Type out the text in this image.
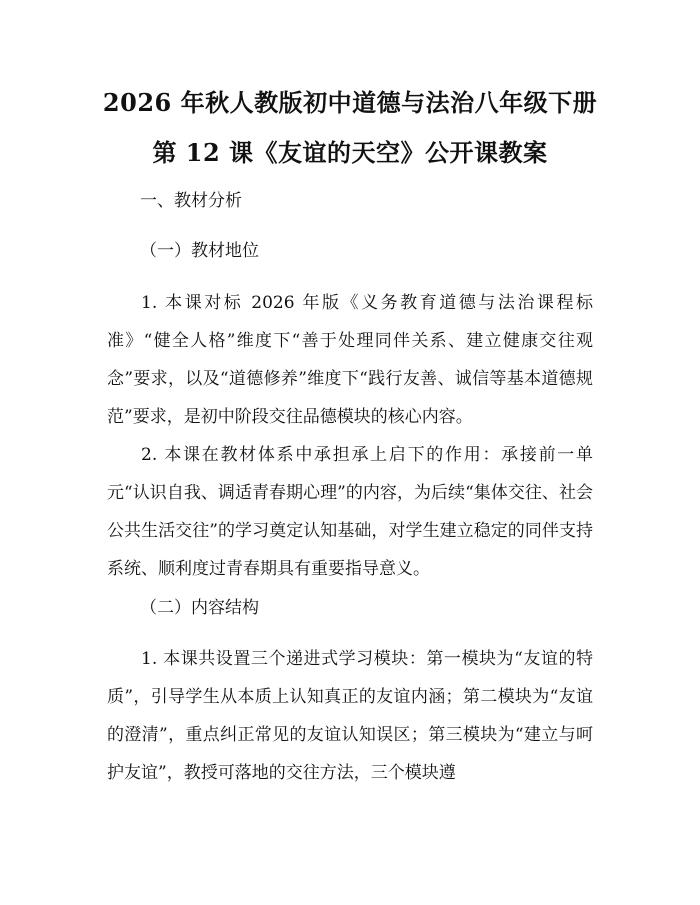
2026 年秋人教版初中道德与法治八年级下册
第 12 课《友谊的天空》公开课教案
一、教材分析
（一）教材地位
1. 本课对标 2026 年版《义务教育道德与法治课程标准》“健全人格”维度下“善于处理同伴关系、建立健康交往观念”要求，以及“道德修养”维度下“践行友善、诚信等基本道德规范”要求，是初中阶段交往品德模块的核心内容。
2. 本课在教材体系中承担承上启下的作用：承接前一单元“认识自我、调适青春期心理”的内容，为后续“集体交往、社会公共生活交往”的学习奠定认知基础，对学生建立稳定的同伴支持系统、顺利度过青春期具有重要指导意义。
（二）内容结构
1. 本课共设置三个递进式学习模块：第一模块为“友谊的特质”，引导学生从本质上认知真正的友谊内涵；第二模块为“友谊的澄清”，重点纠正常见的友谊认知误区；第三模块为“建立与呵护友谊”，教授可落地的交往方法，三个模块遵
